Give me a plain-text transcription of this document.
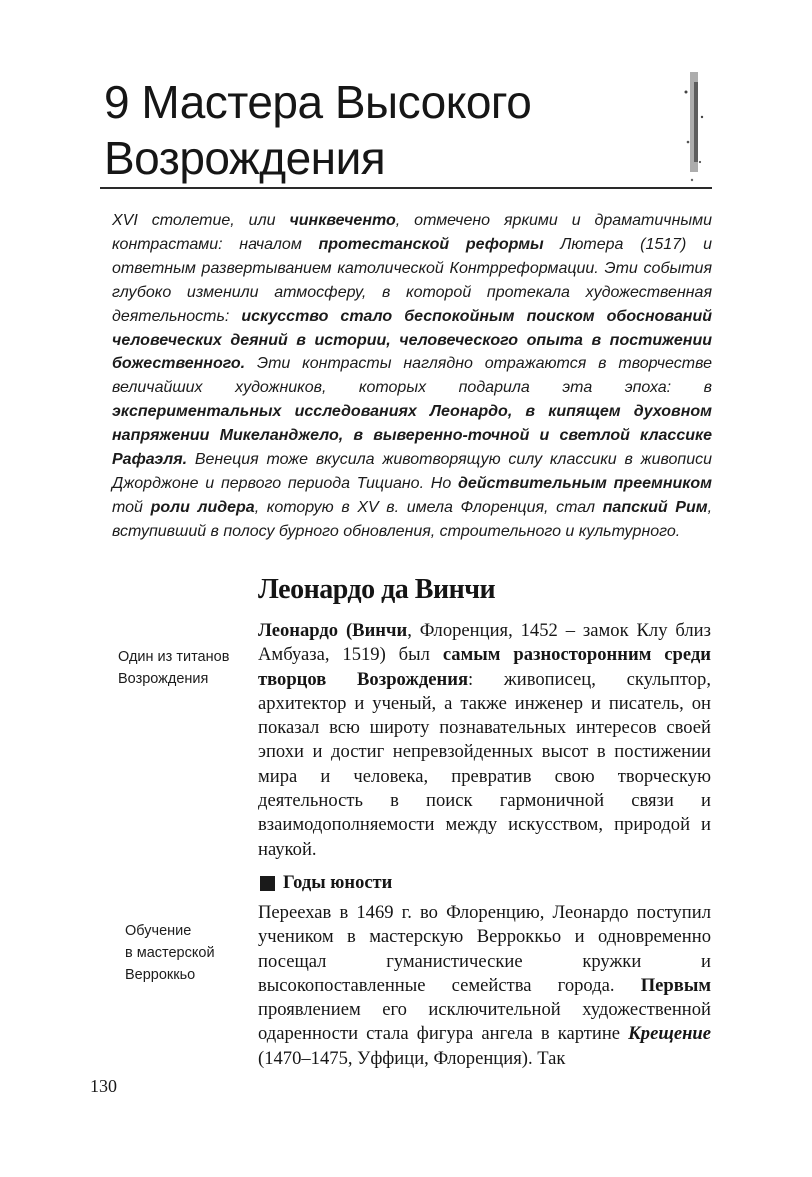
9 Мастера Высокого
Возрождения
XVI столетие, или чинквеченто, отмечено яркими и драматичными контрастами: началом протестанской реформы Лютера (1517) и ответным развертыванием католической Контрреформации. Эти события глубоко изменили атмосферу, в которой протекала художественная деятельность: искусство стало беспокойным поиском обоснований человеческих деяний в истории, человеческого опыта в постижении божественного. Эти контрасты наглядно отражаются в творчестве величайших художников, которых подарила эта эпоха: в экспериментальных исследованиях Леонардо, в кипящем духовном напряжении Микеланджело, в выверенно-точной и светлой классике Рафаэля. Венеция тоже вкусила животворящую силу классики в живописи Джорджоне и первого периода Тициано. Но действительным преемником той роли лидера, которую в XV в. имела Флоренция, стал папский Рим, вступивший в полосу бурного обновления, строительного и культурного.
Леонардо да Винчи
Один из титанов Возрождения
Леонардо (Винчи, Флоренция, 1452 – замок Клу близ Амбуаза, 1519) был самым разносторонним среди творцов Возрождения: живописец, скульптор, архитектор и ученый, а также инженер и писатель, он показал всю широту познавательных интересов своей эпохи и достиг непревзойденных высот в постижении мира и человека, превратив свою творческую деятельность в поиск гармоничной связи и взаимодополняемости между искусством, природой и наукой.
Годы юности
Обучение
в мастерской
Верроккьо
Переехав в 1469 г. во Флоренцию, Леонардо поступил учеником в мастерскую Верроккьо и одновременно посещал гуманистические кружки и высокопоставленные семейства города. Первым проявлением его исключительной художественной одаренности стала фигура ангела в картине Крещение (1470–1475, Уффици, Флоренция). Так
130
